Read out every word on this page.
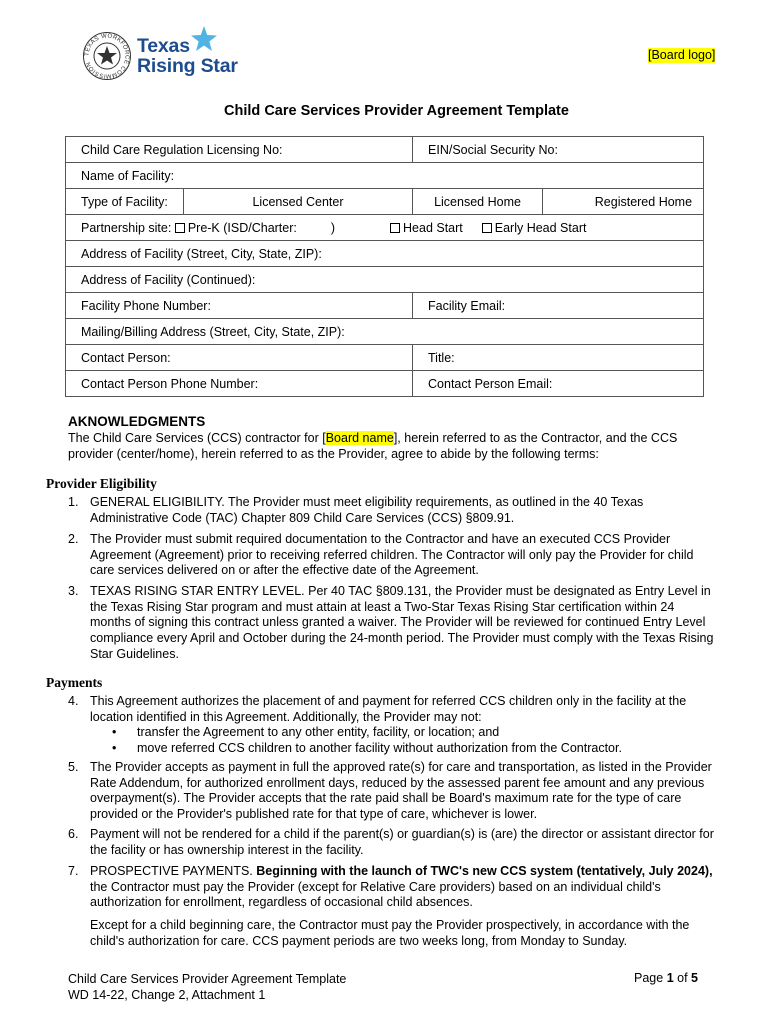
TEXAS WORKFORCE COMMISSION
Texas
Rising Star	[Board logo]
Child Care Services Provider Agreement Template
Child Care Regulation Licensing No:		EIN/Social Security No:	
Name of Facility:			
Type of Facility:	Licensed Center	Licensed Home	Registered Home
Partnership site: Pre-K (ISD/Charter: ) Head Start Early Head Start			
Address of Facility (Street, City, State, ZIP):			
Address of Facility (Continued):			
Facility Phone Number:		Facility Email:	
Mailing/Billing Address (Street, City, State, ZIP):			
Contact Person:		Title:	
Contact Person Phone Number:		Contact Person Email:	
AKNOWLEDGMENTS
The Child Care Services (CCS) contractor for [Board name], herein referred to as the Contractor, and the CCS
provider (center/home), herein referred to as the Provider, agree to abide by the following terms:
Provider Eligibility
1. GENERAL ELIGIBILITY. The Provider must meet eligibility requirements, as outlined in the 40 Texas
Administrative Code (TAC) Chapter 809 Child Care Services (CCS) §809.91.
2. The Provider must submit required documentation to the Contractor and have an executed CCS Provider
Agreement (Agreement) prior to receiving referred children. The Contractor will only pay the Provider for child
care services delivered on or after the effective date of the Agreement.
3. TEXAS RISING STAR ENTRY LEVEL. Per 40 TAC §809.131, the Provider must be designated as Entry Level in
the Texas Rising Star program and must attain at least a Two-Star Texas Rising Star certification within 24
months of signing this contract unless granted a waiver. The Provider will be reviewed for continued Entry Level
compliance every April and October during the 24-month period. The Provider must comply with the Texas Rising
Star Guidelines.
Payments
4. This Agreement authorizes the placement of and payment for referred CCS children only in the facility at the
location identified in this Agreement. Additionally, the Provider may not:
• transfer the Agreement to any other entity, facility, or location; and
• move referred CCS children to another facility without authorization from the Contractor.
5. The Provider accepts as payment in full the approved rate(s) for care and transportation, as listed in the Provider
Rate Addendum, for authorized enrollment days, reduced by the assessed parent fee amount and any previous
overpayment(s). The Provider accepts that the rate paid shall be Board's maximum rate for the type of care
provided or the Provider's published rate for that type of care, whichever is lower.
6. Payment will not be rendered for a child if the parent(s) or guardian(s) is (are) the director or assistant director for
the facility or has ownership interest in the facility.
7. PROSPECTIVE PAYMENTS. Beginning with the launch of TWC's new CCS system (tentatively, July 2024),
the Contractor must pay the Provider (except for Relative Care providers) based on an individual child's
authorization for enrollment, regardless of occasional child absences.
Except for a child beginning care, the Contractor must pay the Provider prospectively, in accordance with the
child's authorization for care. CCS payment periods are two weeks long, from Monday to Sunday.
Child Care Services Provider Agreement Template
WD 14-22, Change 2, Attachment 1
Page 1 of 5
